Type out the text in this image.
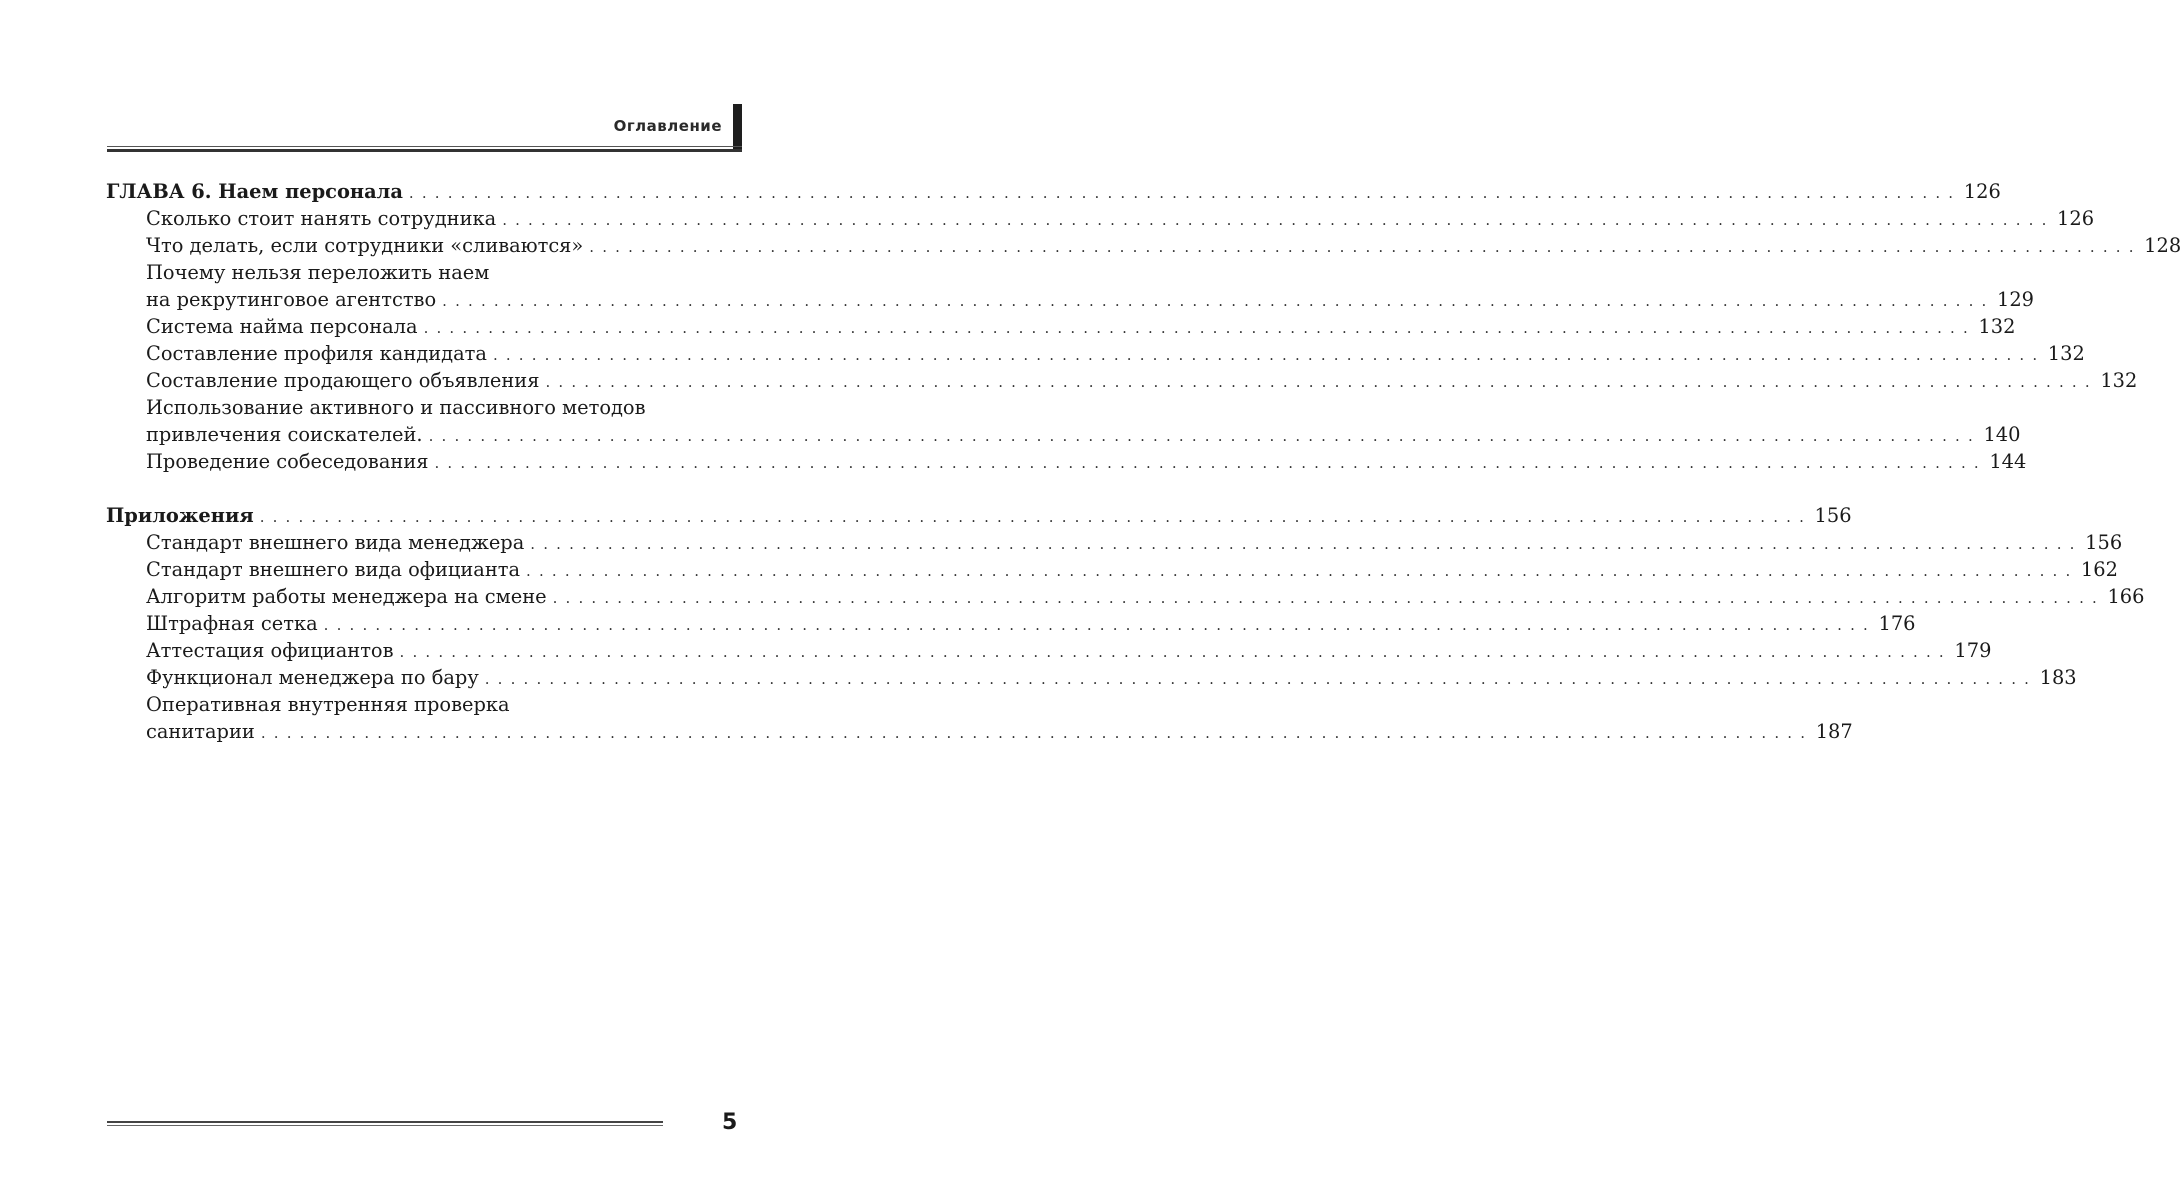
Оглавление
ГЛАВА 6. Наем персонала . . . . . . . . . . . . . . . . . . . . . . . . . . . . . . . . . . . . . . . . . . . . . . . . . . . . . . . . . . . . . . . . . . . . . . . . . . . . . . . . . . . . . . . . . . . . . . . . . . . . . . . . . . . . . . . . . . . . . . . . 126
Сколько стоит нанять сотрудника . . . . . . . . . . . . . . . . . . . . . . . . . . . . . . . . . . . . . . . . . . . . . . . . . . . . . . . . . . . . . . . . . . . . . . . . . . . . . . . . . . . . . . . . . . . . . . . . . . . . . . . . . . . . . . . . . . . . . . . . 126
Что делать, если сотрудники «сливаются» . . . . . . . . . . . . . . . . . . . . . . . . . . . . . . . . . . . . . . . . . . . . . . . . . . . . . . . . . . . . . . . . . . . . . . . . . . . . . . . . . . . . . . . . . . . . . . . . . . . . . . . . . . . . . . . . . . . . . . . . 128
Почему нельзя переложить наем
на рекрутинговое агентство . . . . . . . . . . . . . . . . . . . . . . . . . . . . . . . . . . . . . . . . . . . . . . . . . . . . . . . . . . . . . . . . . . . . . . . . . . . . . . . . . . . . . . . . . . . . . . . . . . . . . . . . . . . . . . . . . . . . . . . . 129
Система найма персонала . . . . . . . . . . . . . . . . . . . . . . . . . . . . . . . . . . . . . . . . . . . . . . . . . . . . . . . . . . . . . . . . . . . . . . . . . . . . . . . . . . . . . . . . . . . . . . . . . . . . . . . . . . . . . . . . . . . . . . . . 132
Составление профиля кандидата . . . . . . . . . . . . . . . . . . . . . . . . . . . . . . . . . . . . . . . . . . . . . . . . . . . . . . . . . . . . . . . . . . . . . . . . . . . . . . . . . . . . . . . . . . . . . . . . . . . . . . . . . . . . . . . . . . . . . . . . 132
Составление продающего объявления . . . . . . . . . . . . . . . . . . . . . . . . . . . . . . . . . . . . . . . . . . . . . . . . . . . . . . . . . . . . . . . . . . . . . . . . . . . . . . . . . . . . . . . . . . . . . . . . . . . . . . . . . . . . . . . . . . . . . . . . 132
Использование активного и пассивного методов
привлечения соискателей. . . . . . . . . . . . . . . . . . . . . . . . . . . . . . . . . . . . . . . . . . . . . . . . . . . . . . . . . . . . . . . . . . . . . . . . . . . . . . . . . . . . . . . . . . . . . . . . . . . . . . . . . . . . . . . . . . . . . . . . . 140
Проведение собеседования . . . . . . . . . . . . . . . . . . . . . . . . . . . . . . . . . . . . . . . . . . . . . . . . . . . . . . . . . . . . . . . . . . . . . . . . . . . . . . . . . . . . . . . . . . . . . . . . . . . . . . . . . . . . . . . . . . . . . . . . 144
Приложения . . . . . . . . . . . . . . . . . . . . . . . . . . . . . . . . . . . . . . . . . . . . . . . . . . . . . . . . . . . . . . . . . . . . . . . . . . . . . . . . . . . . . . . . . . . . . . . . . . . . . . . . . . . . . . . . . . . . . . . . 156
Стандарт внешнего вида менеджера . . . . . . . . . . . . . . . . . . . . . . . . . . . . . . . . . . . . . . . . . . . . . . . . . . . . . . . . . . . . . . . . . . . . . . . . . . . . . . . . . . . . . . . . . . . . . . . . . . . . . . . . . . . . . . . . . . . . . . . . 156
Стандарт внешнего вида официанта . . . . . . . . . . . . . . . . . . . . . . . . . . . . . . . . . . . . . . . . . . . . . . . . . . . . . . . . . . . . . . . . . . . . . . . . . . . . . . . . . . . . . . . . . . . . . . . . . . . . . . . . . . . . . . . . . . . . . . . . 162
Алгоритм работы менеджера на смене . . . . . . . . . . . . . . . . . . . . . . . . . . . . . . . . . . . . . . . . . . . . . . . . . . . . . . . . . . . . . . . . . . . . . . . . . . . . . . . . . . . . . . . . . . . . . . . . . . . . . . . . . . . . . . . . . . . . . . . . 166
Штрафная сетка . . . . . . . . . . . . . . . . . . . . . . . . . . . . . . . . . . . . . . . . . . . . . . . . . . . . . . . . . . . . . . . . . . . . . . . . . . . . . . . . . . . . . . . . . . . . . . . . . . . . . . . . . . . . . . . . . . . . . . . . 176
Аттестация официантов . . . . . . . . . . . . . . . . . . . . . . . . . . . . . . . . . . . . . . . . . . . . . . . . . . . . . . . . . . . . . . . . . . . . . . . . . . . . . . . . . . . . . . . . . . . . . . . . . . . . . . . . . . . . . . . . . . . . . . . . 179
Функционал менеджера по бару . . . . . . . . . . . . . . . . . . . . . . . . . . . . . . . . . . . . . . . . . . . . . . . . . . . . . . . . . . . . . . . . . . . . . . . . . . . . . . . . . . . . . . . . . . . . . . . . . . . . . . . . . . . . . . . . . . . . . . . . 183
Оперативная внутренняя проверка
санитарии . . . . . . . . . . . . . . . . . . . . . . . . . . . . . . . . . . . . . . . . . . . . . . . . . . . . . . . . . . . . . . . . . . . . . . . . . . . . . . . . . . . . . . . . . . . . . . . . . . . . . . . . . . . . . . . . . . . . . . . . 187
5
